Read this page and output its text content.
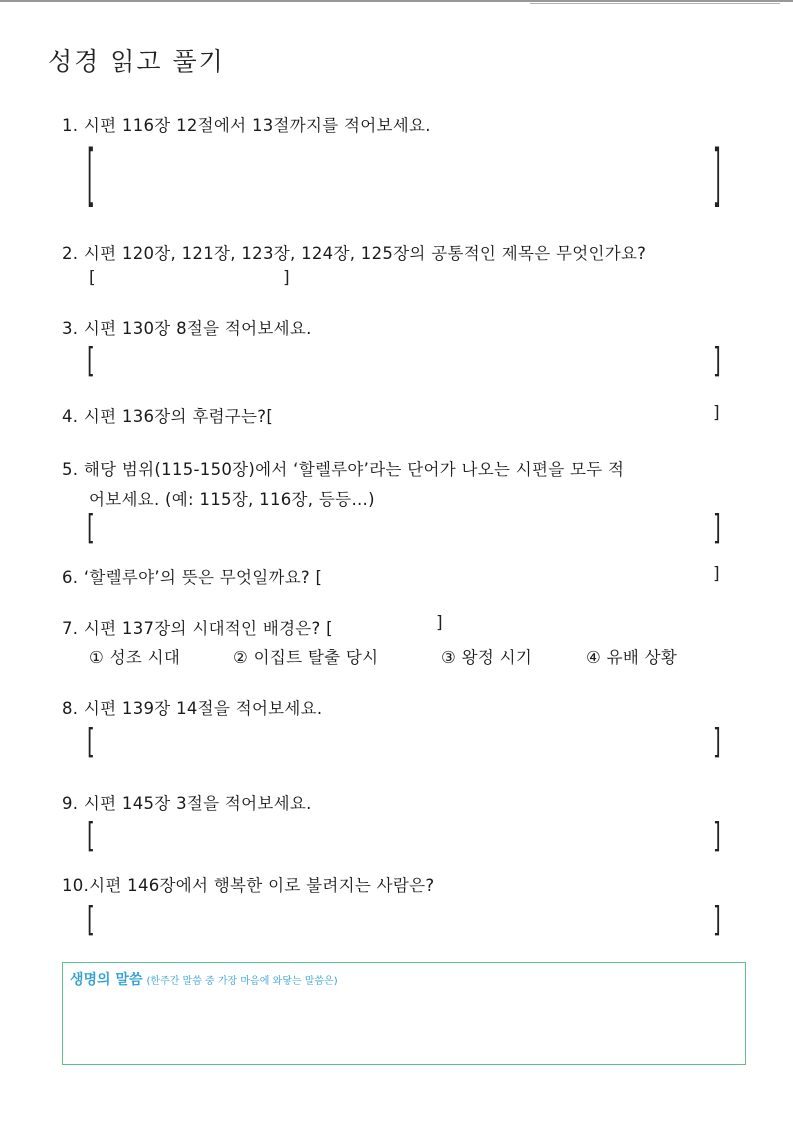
성경 읽고 풀기
1. 시편 116장 12절에서 13절까지를 적어보세요.
[	]
2. 시편 120장, 121장, 123장, 124장, 125장의 공통적인 제목은 무엇인가요?
[	]
3. 시편 130장 8절을 적어보세요.
[	]
4. 시편 136장의 후렴구는?[	]
5. 해당 범위(115-150장)에서 ‘할렐루야’라는 단어가 나오는 시편을 모두 적
어보세요. (예: 115장, 116장, 등등…)
[	]
6. ‘할렐루야’의 뜻은 무엇일까요? [	]
7. 시편 137장의 시대적인 배경은? [	]
① 성조 시대	② 이집트 탈출 당시	③ 왕정 시기	④ 유배 상황
8. 시편 139장 14절을 적어보세요.
[	]
9. 시편 145장 3절을 적어보세요.
[	]
10.시편 146장에서 행복한 이로 불려지는 사람은?
[	]
생명의 말씀 (한주간 말씀 중 가장 마음에 와닿는 말씀은)
